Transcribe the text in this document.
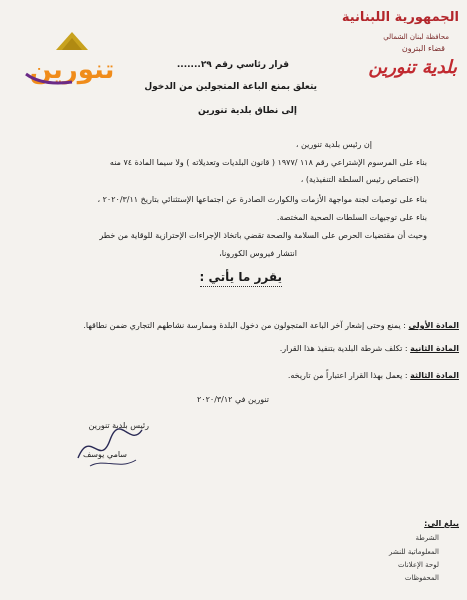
الجمهورية اللبنانية
محافظة لبنان الشمالي
قضاء البترون
بلدية تنورين
تنورين	قرار رئاسي رقم ٢٩.......
يتعلق بمنع الباعة المتجولين من الدخول
إلى نطاق بلدية تنورين
إن رئيس بلدية تنورين ،
بناء على المرسوم الإشتراعي رقم ١١٨ /١٩٧٧ ( قانون البلديات وتعديلاته ) ولا سيما المادة ٧٤ منه
(اختصاص رئيس السلطة التنفيذية) ،
بناء على توصيات لجنة مواجهة الأزمات والكوارث الصادرة عن اجتماعها الإستثنائي بتاريخ ٢٠٢٠/٣/١١ ،
بناء على توجيهات السلطات الصحية المختصة.
وحيث أن مقتضيات الحرص على السلامة والصحة تقضي باتخاذ الإجراءات الإحترازية للوقاية من خطر
انتشار فيروس الكورونا،
يقرر ما يأتي :
المادة الأولى : يمنع وحتى إشعار آخر الباعة المتجولون من دخول البلدة وممارسة نشاطهم التجاري ضمن نطاقها.
المادة الثانية : تكلف شرطة البلدية بتنفيذ هذا القرار.
المادة الثالثة : يعمل بهذا القرار اعتباراً من تاريخه.
تنورين في ٢٠٢٠/٣/١٢
رئيس بلدية تنورين
سامي يوسف
يبلغ الى:
الشرطة
المعلوماتية للنشر
لوحة الإعلانات
المحفوظات
